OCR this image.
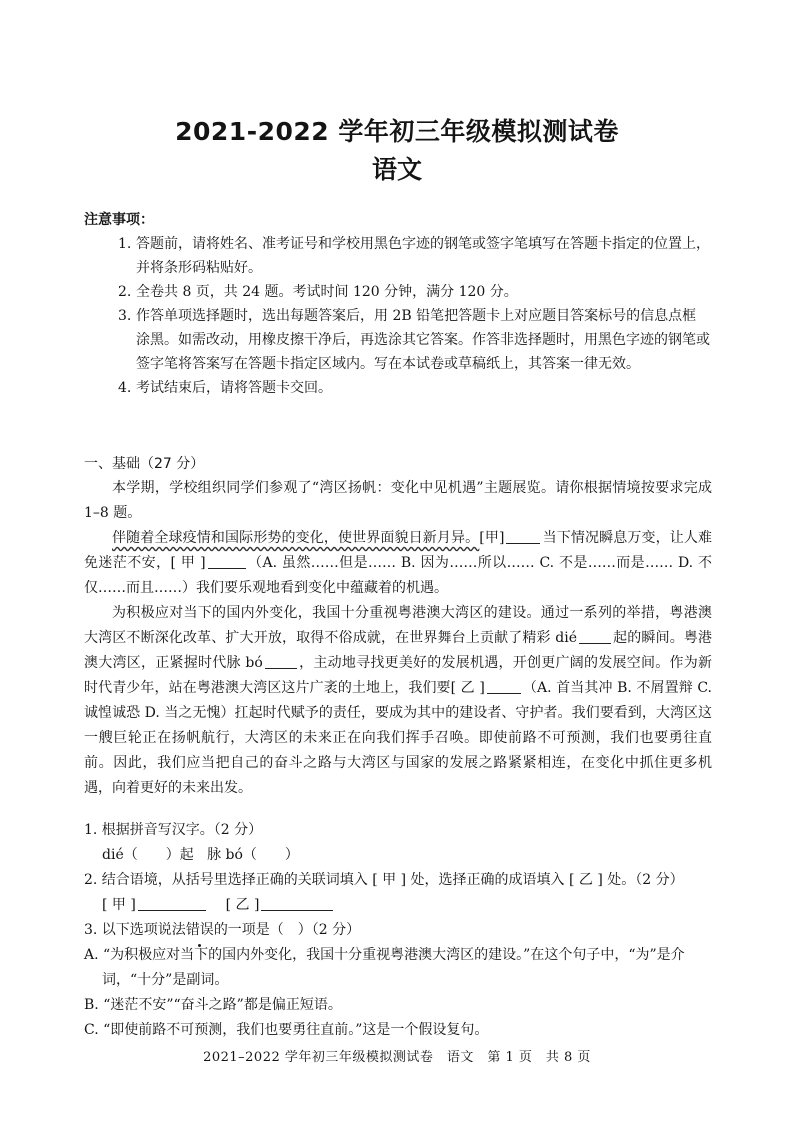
2021-2022 学年初三年级模拟测试卷
语文
注意事项：

1. 答题前，请将姓名、准考证号和学校用黑色字迹的钢笔或签字笔填写在答题卡指定的位置上，并将条形码粘贴好。

2. 全卷共 8 页，共 24 题。考试时间 120 分钟，满分 120 分。

3. 作答单项选择题时，选出每题答案后，用 2B 铅笔把答题卡上对应题目答案标号的信息点框涂黑。如需改动，用橡皮擦干净后，再选涂其它答案。作答非选择题时，用黑色字迹的钢笔或签字笔将答案写在答题卡指定区域内。写在本试卷或草稿纸上，其答案一律无效。

4. 考试结束后，请将答题卡交回。

一、基础（27 分）

本学期，学校组织同学们参观了“湾区扬帆：变化中见机遇”主题展览。请你根据情境按要求完成 1–8 题。

伴随着全球疫情和国际形势的变化，使世界面貌日新月异。[甲]	当下情况瞬息万变，让人难免迷茫不安，[ 甲 ]	（A. 虽然……但是…… B. 因为……所以…… C. 不是……而是…… D. 不仅……而且……）我们要乐观地看到变化中蕴藏着的机遇。

为积极应对当下的国内外变化，我国十分重视粤港澳大湾区的建设。通过一系列的举措，粤港澳大湾区不断深化改革、扩大开放，取得不俗成就，在世界舞台上贡献了精彩 dié	起的瞬间。粤港澳大湾区，正紧握时代脉 bó	，主动地寻找更美好的发展机遇，开创更广阔的发展空间。作为新时代青少年，站在粤港澳大湾区这片广袤的土地上，我们要[ 乙 ]	（A. 首当其冲 B. 不屑置辩 C. 诚惶诚恐 D. 当之无愧）扛起时代赋予的责任，要成为其中的建设者、守护者。我们要看到，大湾区这一艘巨轮正在扬帆航行，大湾区的未来正在向我们挥手召唤。即使前路不可预测，我们也要勇往直前。因此，我们应当把自己的奋斗之路与大湾区与国家的发展之路紧紧相连，在变化中抓住更多机遇，向着更好的未来出发。

1. 根据拼音写汉字。（2 分）

dié（　　）起 脉 bó（　　）

2. 结合语境，从括号里选择正确的关联词填入 [ 甲 ] 处，选择正确的成语填入 [ 乙 ] 处。（2 分）

[ 甲 ]	[ 乙 ]

3. 以下选项说法错误的一项是（　）（2 分）

A. “为积极应对当下的国内外变化，我国十分重视粤港澳大湾区的建设。”在这个句子中，“为”是介词，“十分”是副词。

B. “迷茫不安”“奋斗之路”都是偏正短语。

C. “即使前路不可预测，我们也要勇往直前。”这是一个假设复句。

2021–2022 学年初三年级模拟测试卷　语文　第 1 页　共 8 页
